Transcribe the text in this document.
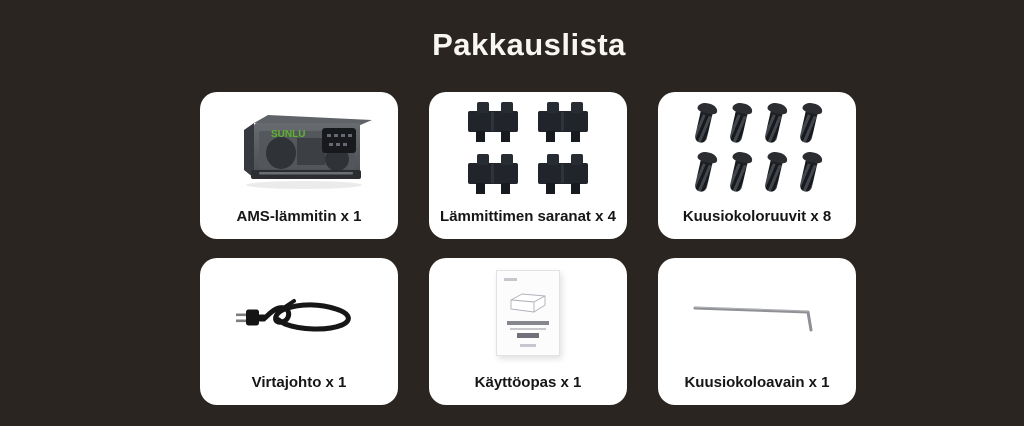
Pakkauslista
SUNLU
AMS-lämmitin x 1	Lämmittimen saranat x 4	Kuusiokoloruuvit x 8
Virtajohto x 1	Käyttöopas x 1	Kuusiokoloavain x 1
